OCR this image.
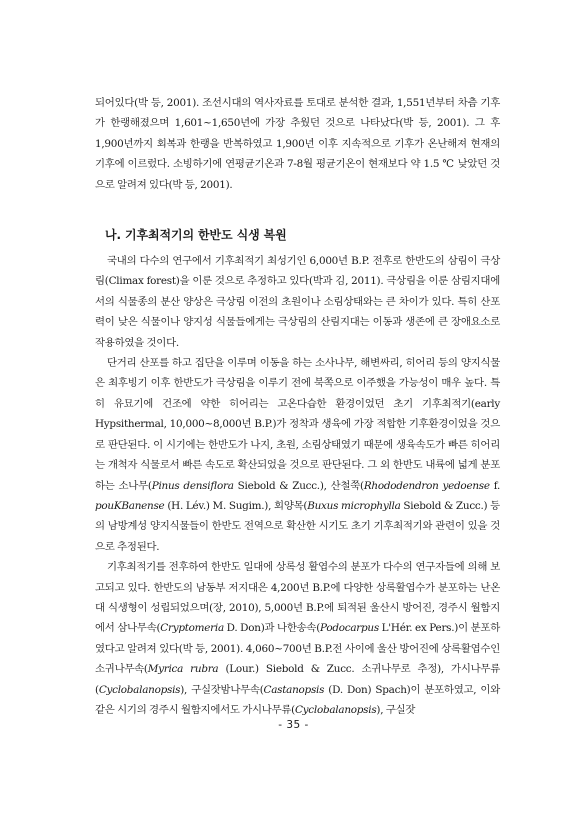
되어있다(박 등, 2001). 조선시대의 역사자료를 토대로 분석한 결과, 1,551년부터 차츰 기후가 한랭해졌으며 1,601~1,650년에 가장 추웠던 것으로 나타났다(박 등, 2001). 그 후 1,900년까지 회복과 한랭을 반복하였고 1,900년 이후 지속적으로 기후가 온난해져 현재의 기후에 이르렀다. 소빙하기에 연평균기온과 7-8월 평균기온이 현재보다 약 1.5 ℃ 낮았던 것으로 알려져 있다(박 등, 2001).

나. 기후최적기의 한반도 식생 복원

국내의 다수의 연구에서 기후최적기 최성기인 6,000년 B.P. 전후로 한반도의 삼림이 극상림(Climax forest)을 이룬 것으로 추정하고 있다(박과 김, 2011). 극상림을 이룬 삼림지대에서의 식물종의 분산 양상은 극상림 이전의 초원이나 소림상태와는 큰 차이가 있다. 특히 산포력이 낮은 식물이나 양지성 식물들에게는 극상림의 산림지대는 이동과 생존에 큰 장애요소로 작용하였을 것이다.

단거리 산포를 하고 집단을 이루며 이동을 하는 소사나무, 해변싸리, 히어리 등의 양지식물은 최후빙기 이후 한반도가 극상림을 이루기 전에 북쪽으로 이주했을 가능성이 매우 높다. 특히 유묘기에 건조에 약한 히어리는 고온다습한 환경이었던 초기 기후최적기(early Hypsithermal, 10,000~8,000년 B.P.)가 정착과 생육에 가장 적합한 기후환경이었을 것으로 판단된다. 이 시기에는 한반도가 나지, 초원, 소림상태였기 때문에 생육속도가 빠른 히어리는 개척자 식물로서 빠른 속도로 확산되었을 것으로 판단된다. 그 외 한반도 내륙에 넓게 분포하는 소나무(Pinus densiflora Siebold & Zucc.), 산철쭉(Rhododendron yedoense f. pouKBanense (H. Lév.) M. Sugim.), 회양목(Buxus microphylla Siebold & Zucc.) 등의 남방계성 양지식물들이 한반도 전역으로 확산한 시기도 초기 기후최적기와 관련이 있을 것으로 추정된다.

기후최적기를 전후하여 한반도 일대에 상록성 활엽수의 분포가 다수의 연구자들에 의해 보고되고 있다. 한반도의 남동부 저지대은 4,200년 B.P.에 다양한 상록활엽수가 분포하는 난온대 식생형이 성립되었으며(장, 2010), 5,000년 B.P.에 퇴적된 울산시 방어진, 경주시 월함지에서 삼나무속(Cryptomeria D. Don)과 나한송속(Podocarpus L'Hér. ex Pers.)이 분포하였다고 알려져 있다(박 등, 2001). 4,060~700년 B.P.전 사이에 울산 방어진에 상록활엽수인 소귀나무속(Myrica rubra (Lour.) Siebold & Zucc. 소귀나무로 추정), 가시나무류(Cyclobalanopsis), 구실잣밤나무속(Castanopsis (D. Don) Spach)이 분포하였고, 이와 같은 시기의 경주시 월함지에서도 가시나무류(Cyclobalanopsis), 구실잣

- 35 -
